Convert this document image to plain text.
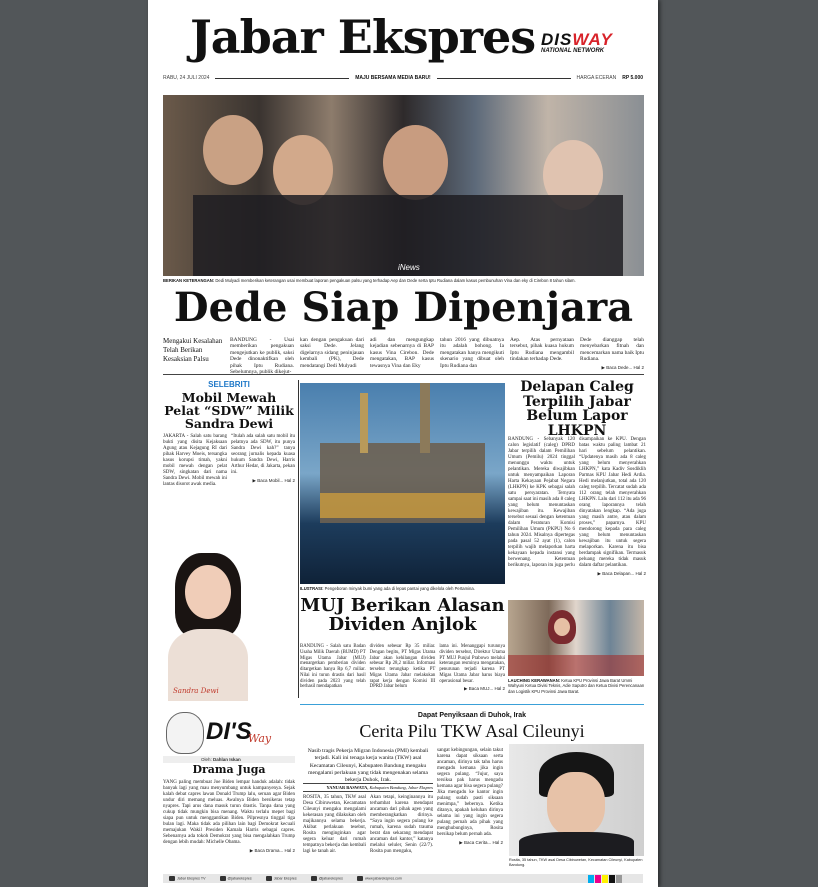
Jabar Ekspres DISWAY
NATIONAL NETWORK
RABU, 24 JULI 2024	MAJU BERSAMA MEDIA BARU!	HARGA ECERAN RP 5.000
iNews
BERIKAN KETERANGAN: Dedi Mulyadi memberikan keterangan usai membuat laporan pengakuan palsu yang terhadap Aep dan Dede serta Iptu Rudiana dalam kasus pembunuhan Vina dan eky di Cirebon 8 tahun silam.
Dede Siap Dipenjara
Mengakui Kesalahan Telah Berikan Kesaksian Palsu
BANDUNG - Usai memberikan pengakuan mengejutkan ke publik, saksi Dede dinonaktifkan oleh pihak Iptu Rudiana. Sebelumnya, publik dikejut-
kan dengan pengakuan dari saksi Dede. Jelang digelarnya sidang peninjauan kembali (PK), Dede mendatangi Dedi Mulyadi
adi dan mengungkap kejadian sebenarnya di BAP kasus Vina Cirebon. Dede mengatakan, BAP kasus tewasnya Vina dan Eky
tahun 2016 yang dibuatnya itu adalah bohong. Ia mengatakan hanya mengikuti skenario yang dibuat oleh Iptu Rudiana dan
Aep. Atas pernyataan tersebut, pihak kuasa hukum Iptu Rudiana mengambil tindakan terhadap Dede.
Dede dianggap telah menyebarkan fitnah dan mencemarkan nama baik Iptu Rudiana.
▶ Baca Dede... Hal 2
SELEBRITI
Mobil Mewah Pelat “SDW” Milik Sandra Dewi

JAKARTA - Salah satu barang bukti yang disita Kejaksaan Agung atau Kejagung RI dari pihak Harvey Moeis, tersangka kasus korupsi timah, yakni mobil mewah dengan pelat SDW, singkatan dari nama Sandra Dewi. Mobil mewah ini lantas disorot awak media.

“Itulah ada salah satu mobil itu pelatnya ada SDW, itu punya Sandra Dewi kah?” tanya seorang jurnalis kepada kuasa hukum Sandra Dewi, Harris Arthur Hedar, di Jakarta, pekan ini.

▶ Baca Mobil... Hal 2
Sandra Dewi
ILUSTRASI: Pengeboran minyak bumi yang ada di lepas pantai yang dikelola oleh Pertamina.
MUJ Berikan Alasan Dividen Anjlok
BANDUNG - Salah satu Badan Usaha Milik Daerah (BUMD) PT Migas Utama Jabar (MUJ) menargetkan pemberian dividen ditargetkan hanya Rp 6,7 miliar. Nilai ini turun drastis dari hasil dividen pada 2023 yang telah berhasil mendapatkan
dividen sebesar Rp 35 miliar. Dengan begitu, PT Migas Utama Jabar akan kehilangan dividen sebesar Rp 28,2 miliar. Informasi tersebut terungkap ketika PT Migas Utama Jabar melakukan rapat kerja dengan Komisi III DPRD Jabar belum
lama ini. Menanggapi turunnya dividen tersebut, Direktur Utama PT MUJ Punjul Prabowo melalui keterangan resminya mengatakan, penurunan terjadi karena PT Migas Utama Jabar harus biaya operasional besar.
▶ Baca MUJ... Hal 2
Delapan Caleg Terpilih Jabar Belum Lapor LHKPN
BANDUNG - Sebanyak 120 calon legislatif (caleg) DPRD Jabar terpilih dalam Pemilihan Umum (Pemilu) 2024 tinggal menunggu waktu untuk pelantikan. Mereka diwajibkan untuk menyampaikan Laporan Harta Kekayaan Pejabat Negara (LHKPN) ke KPK sebagai salah satu persyaratan. Ternyata sampai saat ini masih ada 8 caleg yang belum menuntaskan kewajiban itu. Kewajiban tersebut sesuai dengan ketentuan dalam Peraturan Komisi Pemilihan Umum (PKPU) No 6 tahun 2024. Misalnya dipertegas pada pasal 52 ayat (1), calon terpilih wajib melaporkan harta kekayaan kepada instansi yang berwenang. Ketentuan berikutnya, laporan itu juga perlu
disampaikan ke KPU. Dengan batas waktu paling lambat 21 hari sebelum pelantikan. “Updatenya masih ada 8 caleg yang belum menyerahkan LHKPN,” kata Kadiv Sosdiklih Parmas KPU Jabar Hedi Ardia. Hedi melanjutkan, total ada 120 caleg terpilih. Tercatat sudah ada 112 orang telah menyerahkan LHKPN. Lalu dari 112 itu ada 96 orang laporannya telah dinyatakan lengkap. “Ada juga yang masih antre, atau dalam proses,” paparnya. KPU mendorong kepada para caleg yang belum menuntaskan kewajiban itu untuk segera melaporkan. Karena itu bisa berdampak signifikan. Termasuk peluang mereka tidak masuk dalam daftar pelantikan.
▶ Baca Delapan... Hal 2
LAUCHING KERAWANAN: Ketua KPU Provinsi Jawa Barat Ummi Wahyuni Ketua Divisi Teknis, Adie Saputro dan Ketua Divisi Perencanaan dan Logistik KPU Provinsi Jawa Barat.
DI'S
Way
Oleh: Dahlan Iskan
Drama Juga

YANG paling membuat Joe Biden lempar handuk adalah: tidak banyak lagi yang mau menyumbang untuk kampanyenya. Sejak kalah debat capres lawan Donald Trump lalu, seruan agar Biden undur diri memang meluas. Awalnya Biden bersikeras tetap nyapres. Tapi arus dana masuk turun drastis. Tanpa dana yang cukup tidak mungkin bisa menang. Waktu terlalu mepet bagi siapa pun untuk menggantikan Biden. Pilpresnya tinggal tiga bulan lagi. Maka tidak ada pilihan lain bagi Demokrat kecuali memajukan Wakil Presiden Kamala Harris sebagai capres. Sebenarnya ada tokoh Demokrat yang bisa mengalahkan Trump dengan lebih mudah: Michelle Obama.

▶ Baca Drama... Hal 2
Dapat Penyiksaan di Duhok, Irak
Cerita Pilu TKW Asal Cileunyi
Nasib tragis Pekerja Migran Indonesia (PMI) kembali terjadi. Kali ini tenaga kerja wanita (TKW) asal Kecamatan Cileunyi, Kabupaten Bandung mengaku mengalami perlakuan yang tidak mengenakan selama bekerja Duhok, Irak.
YANUAR BASWATA, Kabupaten Bandung, Jabar Ekspres
ROSITA, 35 tahun, TKW asal Desa Cibiruwetan, Kecamatan Cileunyi mengaku mengalami kekerasan yang dilakukan oleh majikannya selama bekerja. Akibat perlakuan tesebut, Rosita menginginkan agar segera keluar dari rumah tempatnya bekerja dan kembali lagi ke tanah air.
Akan tetapi, keinginannya itu terhambat karena mendapat ancaman dari pihak agen yang memberangkatkan dirinya. “Saya ingin segera pulang ke rumah, karena sudah trauma berat dan sekarang mendapat ancaman dari kantor,” katanya melalui seluler, Senin (22/7). Rosita pun mengaku,
sangat kebingungan, selain takut karena dapat siksaan serta ancaman, dirinya tak tahu harus mengadu kemana jika ingin segera pulang. “Jujur, saya tersiksa pak harus mengadu kemana agar bisa segera pulang? Jika mengadu ke kantor ingin pulang sudah pasti siksaan menimpa,” bebernya. Ketika ditanya, apakah keluhan dirinya selama ini yang ingin segera pulang pernah ada pihak yang menghubunginya, Rosita bersikap belum pernah ada.
▶ Baca Cerita... Hal 2
Rosita, 35 tahun, TKW asal Desa Cibiruwetan, Kecamatan Cileunyi, Kabupaten Bandung.
Jabar Ekspres TV	@jabarekspres	Jabar Ekspres	@jabarekspres	www.jabarekspres.com
